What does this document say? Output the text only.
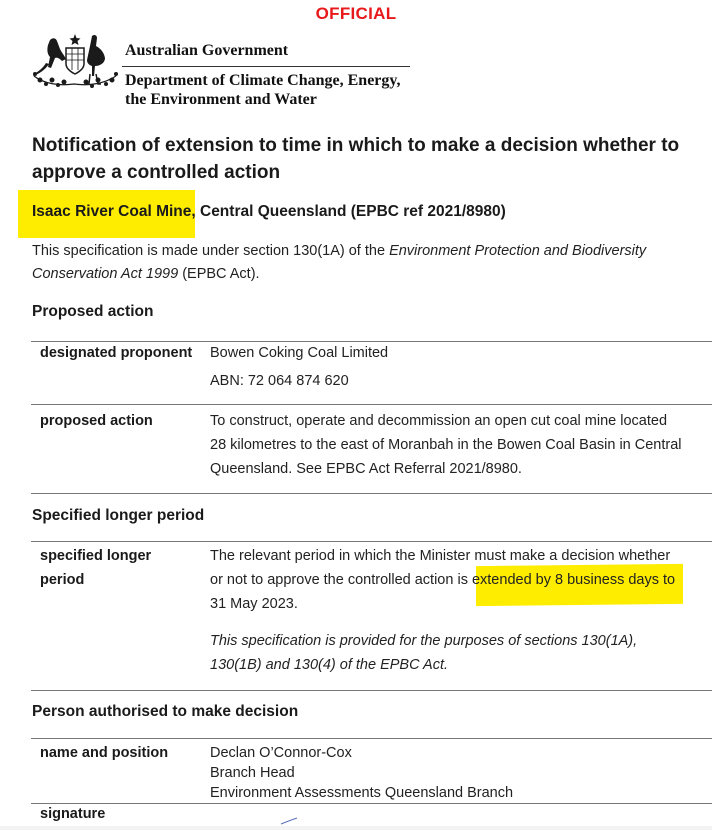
OFFICIAL
Australian Government
Department of Climate Change, Energy,
the Environment and Water
Notification of extension to time in which to make a decision whether to
approve a controlled action
Isaac River Coal Mine, Central Queensland (EPBC ref 2021/8980)
This specification is made under section 130(1A) of the Environment Protection and Biodiversity
Conservation Act 1999 (EPBC Act).
Proposed action
designated proponent Bowen Coking Coal Limited
ABN: 72 064 874 620
proposed action	To construct, operate and decommission an open cut coal mine located
28 kilometres to the east of Moranbah in the Bowen Coal Basin in Central
Queensland. See EPBC Act Referral 2021/8980.
Specified longer period
specified longer
period
The relevant period in which the Minister must make a decision whether
or not to approve the controlled action is extended by 8 business days to
31 May 2023.
This specification is provided for the purposes of sections 130(1A),
130(1B) and 130(4) of the EPBC Act.
Person authorised to make decision
name and position	Declan O’Connor-Cox
Branch Head
Environment Assessments Queensland Branch
signature
